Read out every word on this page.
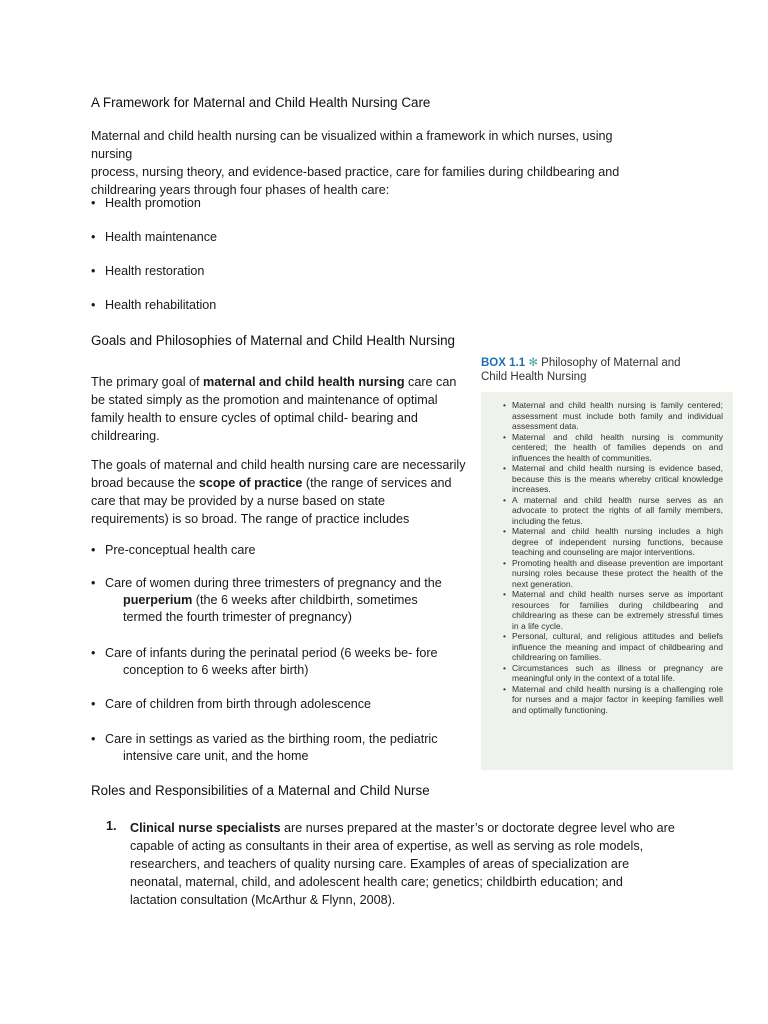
A Framework for Maternal and Child Health Nursing Care
Maternal and child health nursing can be visualized within a framework in which nurses, using nursing
process, nursing theory, and evidence-based practice, care for families during childbearing and
childrearing years through four phases of health care:
• Health promotion
• Health maintenance
• Health restoration
• Health rehabilitation
Goals and Philosophies of Maternal and Child Health Nursing
The primary goal of maternal and child health nursing care can
be stated simply as the promotion and maintenance of optimal
family health to ensure cycles of optimal child- bearing and
childrearing.
The goals of maternal and child health nursing care are necessarily
broad because the scope of practice (the range of services and
care that may be provided by a nurse based on state
requirements) is so broad. The range of practice includes
• Pre-conceptual health care
• Care of women during three trimesters of pregnancy and the
puerperium (the 6 weeks after childbirth, sometimes
termed the fourth trimester of pregnancy)
• Care of infants during the perinatal period (6 weeks be- fore
conception to 6 weeks after birth)
• Care of children from birth through adolescence
• Care in settings as varied as the birthing room, the pediatric
intensive care unit, and the home
BOX 1.1 ✻ Philosophy of Maternal and
Child Health Nursing
• Maternal and child health nursing is family centered; assessment must include both family and individual assessment data.
• Maternal and child health nursing is community centered; the health of families depends on and influences the health of communities.
• Maternal and child health nursing is evidence based, because this is the means whereby critical knowledge increases.
• A maternal and child health nurse serves as an advocate to protect the rights of all family members, including the fetus.
• Maternal and child health nursing includes a high degree of independent nursing functions, because teaching and counseling are major interventions.
• Promoting health and disease prevention are important nursing roles because these protect the health of the next generation.
• Maternal and child health nurses serve as important resources for families during childbearing and childrearing as these can be extremely stressful times in a life cycle.
• Personal, cultural, and religious attitudes and beliefs influence the meaning and impact of childbearing and childrearing on families.
• Circumstances such as illness or pregnancy are meaningful only in the context of a total life.
• Maternal and child health nursing is a challenging role for nurses and a major factor in keeping families well and optimally functioning.
Roles and Responsibilities of a Maternal and Child Nurse
1. Clinical nurse specialists are nurses prepared at the master’s or doctorate degree level who are
capable of acting as consultants in their area of expertise, as well as serving as role models,
researchers, and teachers of quality nursing care. Examples of areas of specialization are
neonatal, maternal, child, and adolescent health care; genetics; childbirth education; and
lactation consultation (McArthur & Flynn, 2008).
